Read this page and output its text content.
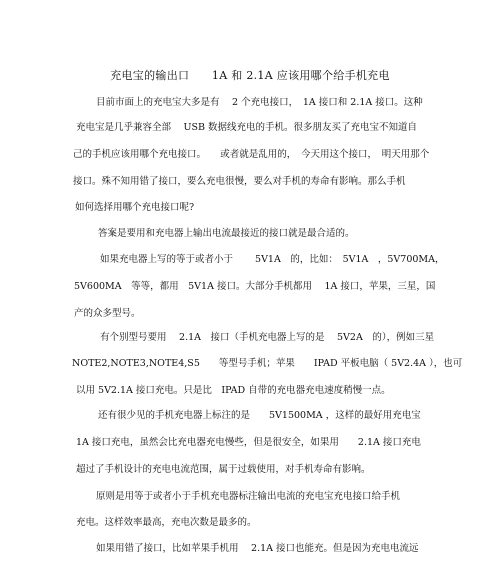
充电宝的输出口　　1A 和 2.1A 应该用哪个给手机充电
目前市面上的充电宝大多是有　 2 个充电接口，　1A 接口和 2.1A 接口。这种
充电宝是几乎兼容全部　 USB 数据线充电的手机。很多朋友买了充电宝不知道自
己的手机应该用哪个充电接口。　　或者就是乱用的，　今天用这个接口，　明天用那个
接口。殊不知用错了接口，要么充电很慢，要么对手机的寿命有影响。那么手机
如何选择用哪个充电接口呢?
答案是要用和充电器上输出电流最接近的接口就是最合适的。
如果充电器上写的等于或者小于　　 5V1A　的，比如：　5V1A　，5V700MA，
5V600MA　等等，都用　5V1A 接口。大部分手机都用　 1A 接口，苹果，三星，国
产的众多型号。
有个别型号要用　 2.1A　接口（手机充电器上写的是　 5V2A　的），例如三星
NOTE2,NOTE3,NOTE4,S5　　等型号手机；苹果　　IPAD 平板电脑（ 5V2.4A ），也可
以用 5V2.1A 接口充电。只是比　IPAD 自带的充电器充电速度稍慢一点。
还有很少见的手机充电器上标注的是　　5V1500MA ，这样的最好用充电宝
1A 接口充电，虽然会比充电器充电慢些，但是很安全，如果用　　2.1A 接口充电
超过了手机设计的充电电流范围，属于过载使用，对手机寿命有影响。
原则是用等于或者小于手机充电器标注输出电流的充电宝充电接口给手机
充电。这样效率最高，充电次数是最多的。
如果用错了接口，比如苹果手机用　 2.1A 接口也能充。但是因为充电电流远
